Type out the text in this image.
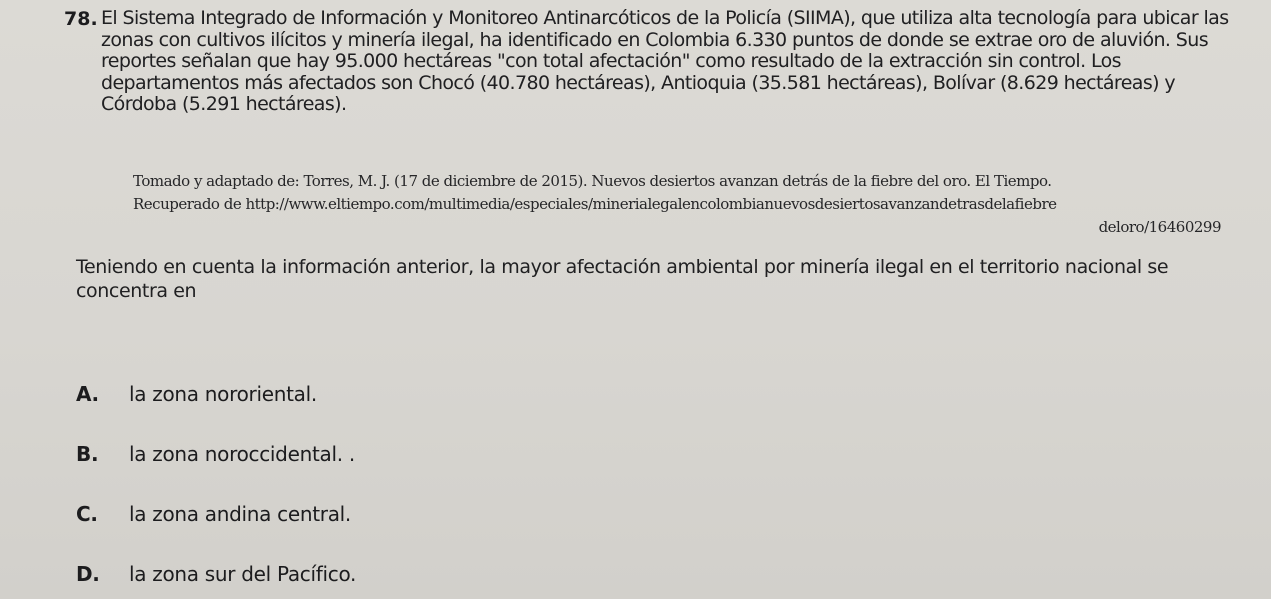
78. El Sistema Integrado de Información y Monitoreo Antinarcóticos de la Policía (SIIMA), que utiliza alta tecnología para ubicar las zonas con cultivos ilícitos y minería ilegal, ha identificado en Colombia 6.330 puntos de donde se extrae oro de aluvión. Sus reportes señalan que hay 95.000 hectáreas "con total afectación" como resultado de la extracción sin control. Los departamentos más afectados son Chocó (40.780 hectáreas), Antioquia (35.581 hectáreas), Bolívar (8.629 hectáreas) y Córdoba (5.291 hectáreas).
Tomado y adaptado de: Torres, M. J. (17 de diciembre de 2015). Nuevos desiertos avanzan detrás de la fiebre del oro. El Tiempo.
Recuperado de http://www.eltiempo.com/multimedia/especiales/minerialegalencolombianuevosdesiertosavanzandetrasdelafiebre

deloro/16460299
Teniendo en cuenta la información anterior, la mayor afectación ambiental por minería ilegal en el territorio nacional se concentra en
A. la zona nororiental.
B. la zona noroccidental. .
C. la zona andina central.
D. la zona sur del Pacífico.
